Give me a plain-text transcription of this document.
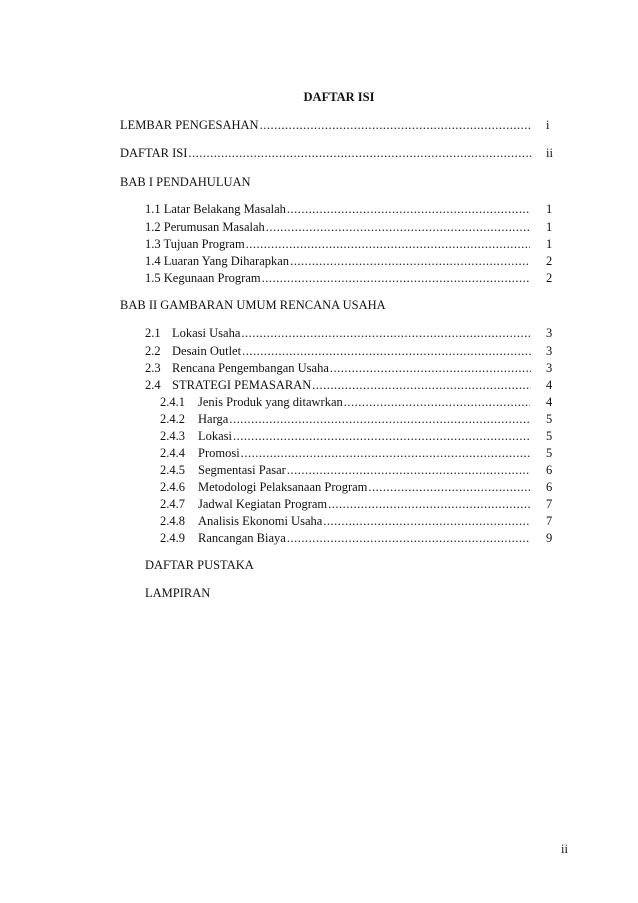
DAFTAR ISI
LEMBAR PENGESAHAN .....	i
DAFTAR ISI .....	ii
BAB I PENDAHULUAN
1.1 Latar Belakang Masalah .....	1
1.2 Perumusan Masalah .....	1
1.3 Tujuan Program .....	1
1.4 Luaran Yang Diharapkan .....	2
1.5 Kegunaan Program .....	2
BAB II GAMBARAN UMUM RENCANA USAHA
2.1 Lokasi Usaha .....	3
2.2 Desain Outlet .....	3
2.3 Rencana Pengembangan Usaha .....	3
2.4 STRATEGI PEMASARAN .....	4
2.4.1	Jenis Produk yang ditawrkan .....	4
2.4.2	Harga .....	5
2.4.3	Lokasi .....	5
2.4.4	Promosi .....	5
2.4.5	Segmentasi Pasar .....	6
2.4.6	Metodologi Pelaksanaan Program .....	6
2.4.7	Jadwal Kegiatan Program .....	7
2.4.8	Analisis Ekonomi Usaha .....	7
2.4.9	Rancangan Biaya .....	9
DAFTAR PUSTAKA
LAMPIRAN
ii
